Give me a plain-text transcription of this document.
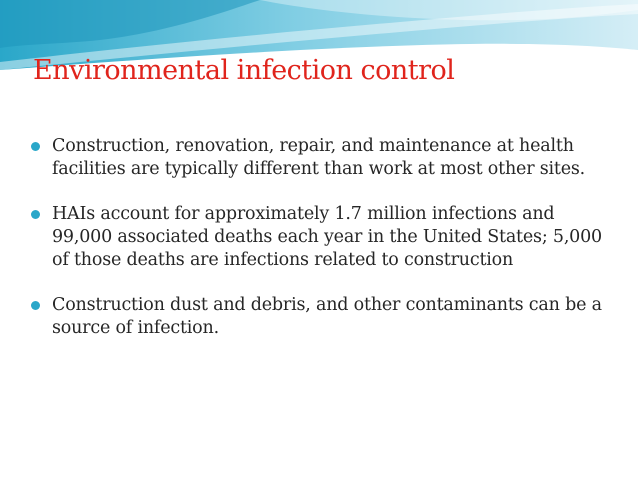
Environmental infection control
Construction, renovation, repair, and maintenance at health facilities are typically different than work at most other sites.
HAIs account for approximately 1.7 million infections and 99,000 associated deaths each year in the United States; 5,000 of those deaths are infections related to construction
Construction dust and debris, and other contaminants can be a source of infection.
